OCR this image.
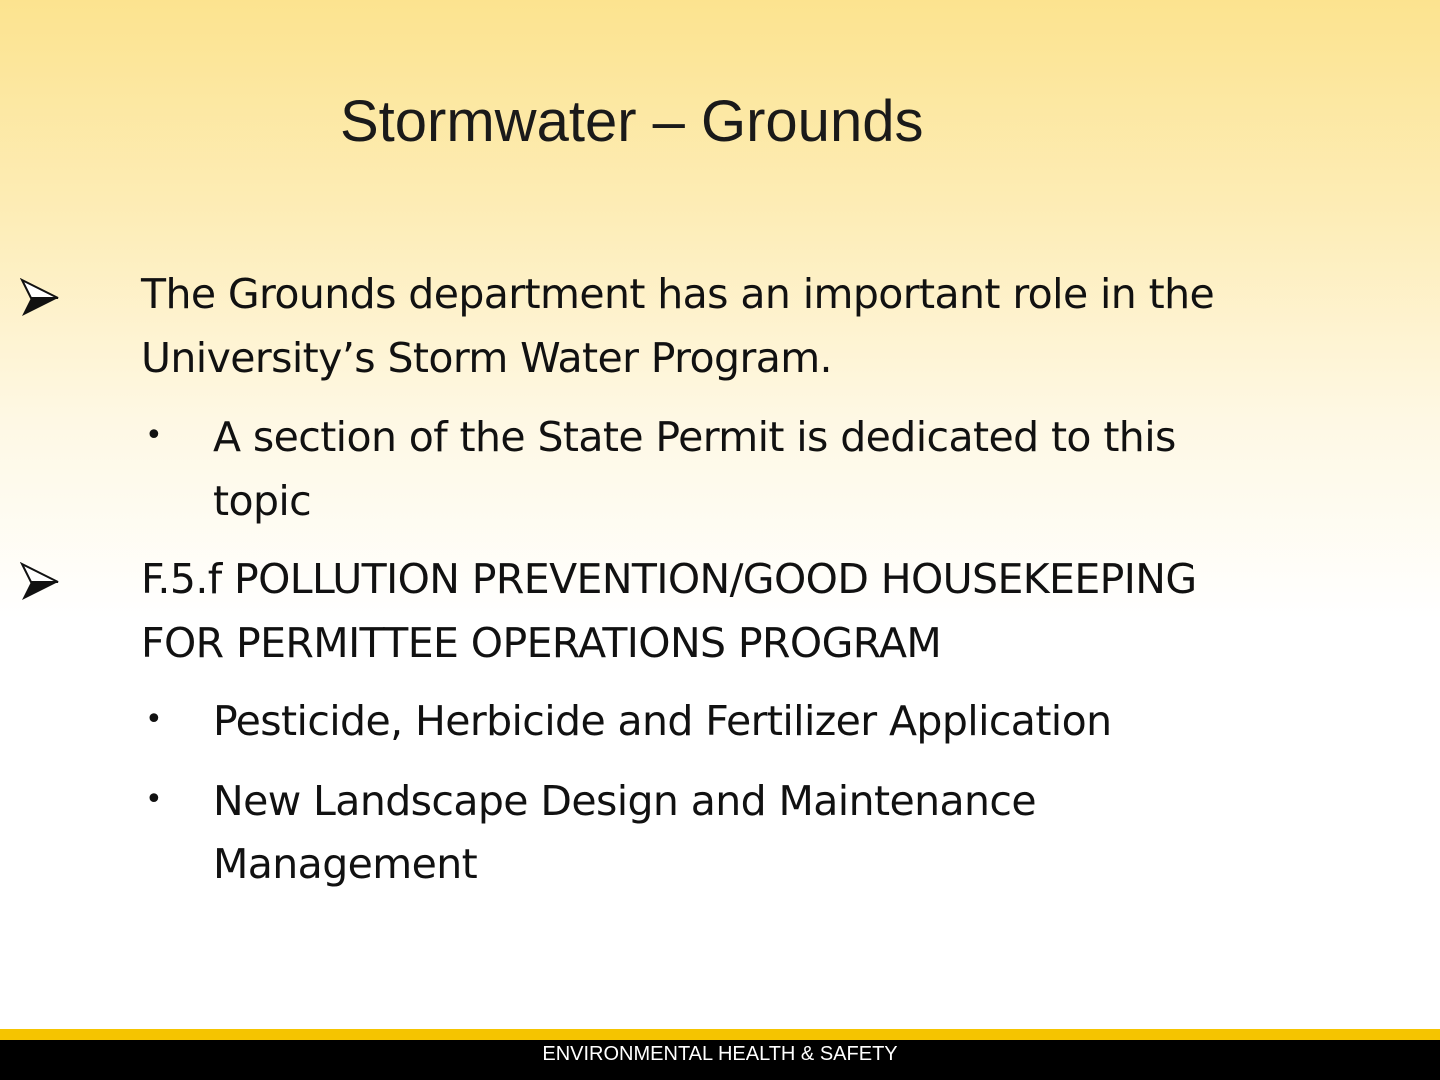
Stormwater – Grounds
The Grounds department has an important role in the
University’s Storm Water Program.
• A section of the State Permit is dedicated to this
topic
F.5.f POLLUTION PREVENTION/GOOD HOUSEKEEPING
FOR PERMITTEE OPERATIONS PROGRAM
• Pesticide, Herbicide and Fertilizer Application
• New Landscape Design and Maintenance
Management
ENVIRONMENTAL HEALTH & SAFETY
